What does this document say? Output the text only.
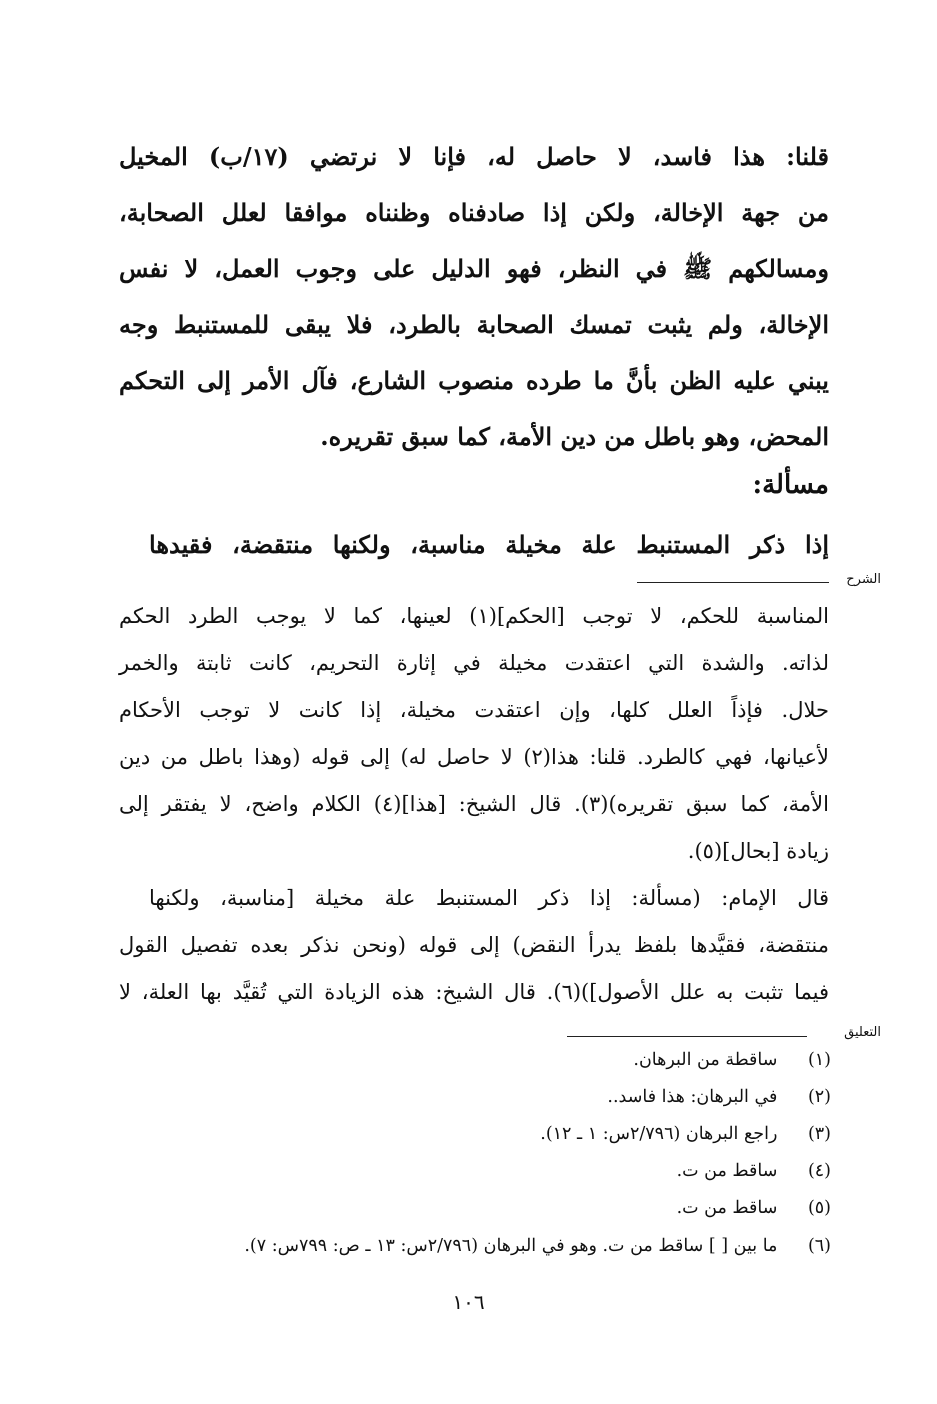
قلنا: هذا فاسد، لا حاصل له، فإنا لا نرتضي (١٧/ب) المخيل
من جهة الإخالة، ولكن إذا صادفناه وظنناه موافقا لعلل الصحابة،
ومسالكهم ﷺ في النظر، فهو الدليل على وجوب العمل، لا نفس
الإخالة، ولم يثبت تمسك الصحابة بالطرد، فلا يبقى للمستنبط وجه
يبني عليه الظن بأنَّ ما طرده منصوب الشارع، فآل الأمر إلى التحكم
المحض، وهو باطل من دين الأمة، كما سبق تقريره.
مسألة:
إذا ذكر المستنبط علة مخيلة مناسبة، ولكنها منتقضة، فقيدها
الشرح
المناسبة للحكم، لا توجب [الحكم](١) لعينها، كما لا يوجب الطرد الحكم
لذاته. والشدة التي اعتقدت مخيلة في إثارة التحريم، كانت ثابتة والخمر
حلال. فإذاً العلل كلها، وإن اعتقدت مخيلة، إذا كانت لا توجب الأحكام
لأعيانها، فهي كالطرد. قلنا: هذا(٢) لا حاصل له) إلى قوله (وهذا باطل من دين
الأمة، كما سبق تقريره)(٣). قال الشيخ: [هذا](٤) الكلام واضح، لا يفتقر إلى
زيادة [بحال](٥).
قال الإمام: (مسألة: إذا ذكر المستنبط علة مخيلة [مناسبة، ولكنها
منتقضة، فقيَّدها بلفظ يدرأ النقض) إلى قوله (ونحن نذكر بعده تفصيل القول
فيما تثبت به علل الأصول])(٦). قال الشيخ: هذه الزيادة التي تُقيَّد بها العلة، لا
التعليق
(١) ساقطة من البرهان.
(٢) في البرهان: هذا فاسد..
(٣) راجع البرهان (٢/٧٩٦س: ١ ـ ١٢).
(٤) ساقط من ت.
(٥) ساقط من ت.
(٦) ما بين [ ] ساقط من ت. وهو في البرهان (٢/٧٩٦س: ١٣ ـ ص: ٧٩٩س: ٧).
١٠٦
